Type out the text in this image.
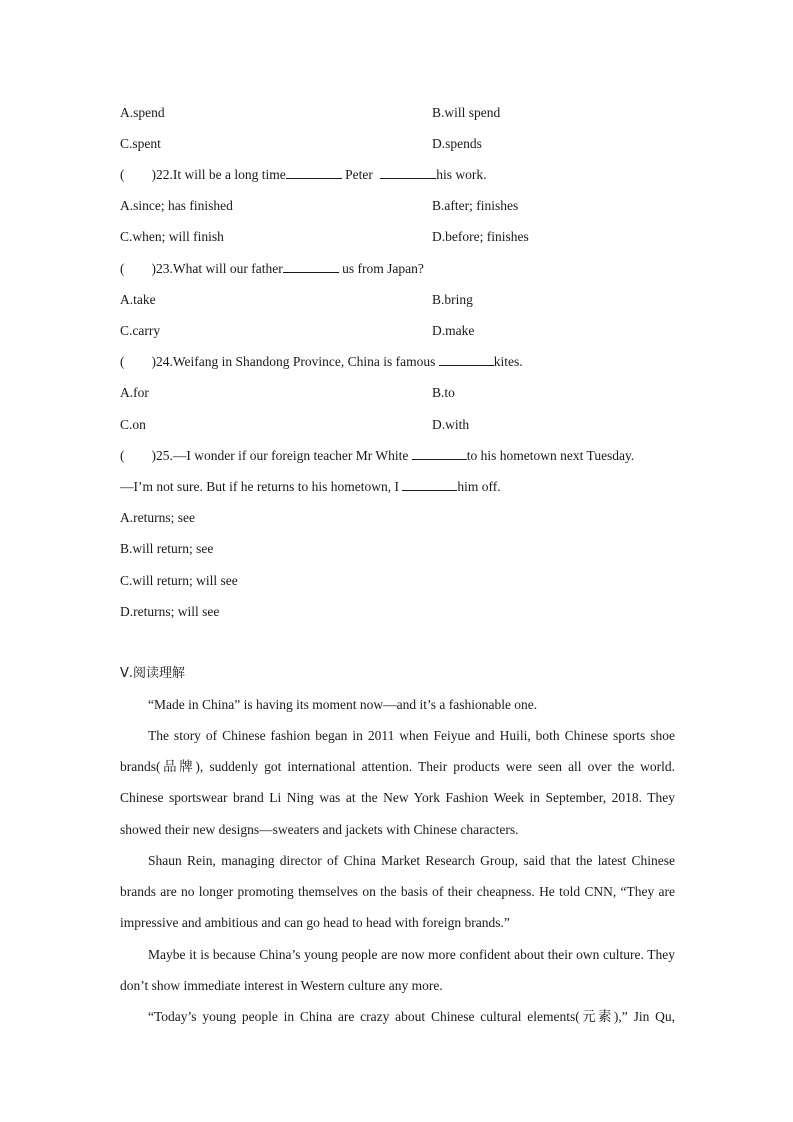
A.spend	B.will spend
C.spent	D.spends
(        )22.It will be a long time	Peter	his work.
A.since; has finished	B.after; finishes
C.when; will finish	D.before; finishes
(        )23.What will our father	us from Japan?
A.take	B.bring
C.carry	D.make
(        )24.Weifang in Shandong Province, China is famous	kites.
A.for	B.to
C.on	D.with
(        )25.—I wonder if our foreign teacher Mr White	to his hometown next Tuesday.
—I’m not sure. But if he returns to his hometown, I	him off.
A.returns; see
B.will return; see
C.will return; will see
D.returns; will see
Ⅴ.阅读理解
“Made in China” is having its moment now—and it’s a fashionable one.
The story of Chinese fashion began in 2011 when Feiyue and Huili, both Chinese sports shoe brands(品牌), suddenly got international attention. Their products were seen all over the world. Chinese sportswear brand Li Ning was at the New York Fashion Week in September, 2018. They showed their new designs—sweaters and jackets with Chinese characters.
Shaun Rein, managing director of China Market Research Group, said that the latest Chinese brands are no longer promoting themselves on the basis of their cheapness. He told CNN, “They are impressive and ambitious and can go head to head with foreign brands.”
Maybe it is because China’s young people are now more confident about their own culture. They don’t show immediate interest in Western culture any more.
“Today’s young people in China are crazy about Chinese cultural elements(元素),” Jin Qu,
